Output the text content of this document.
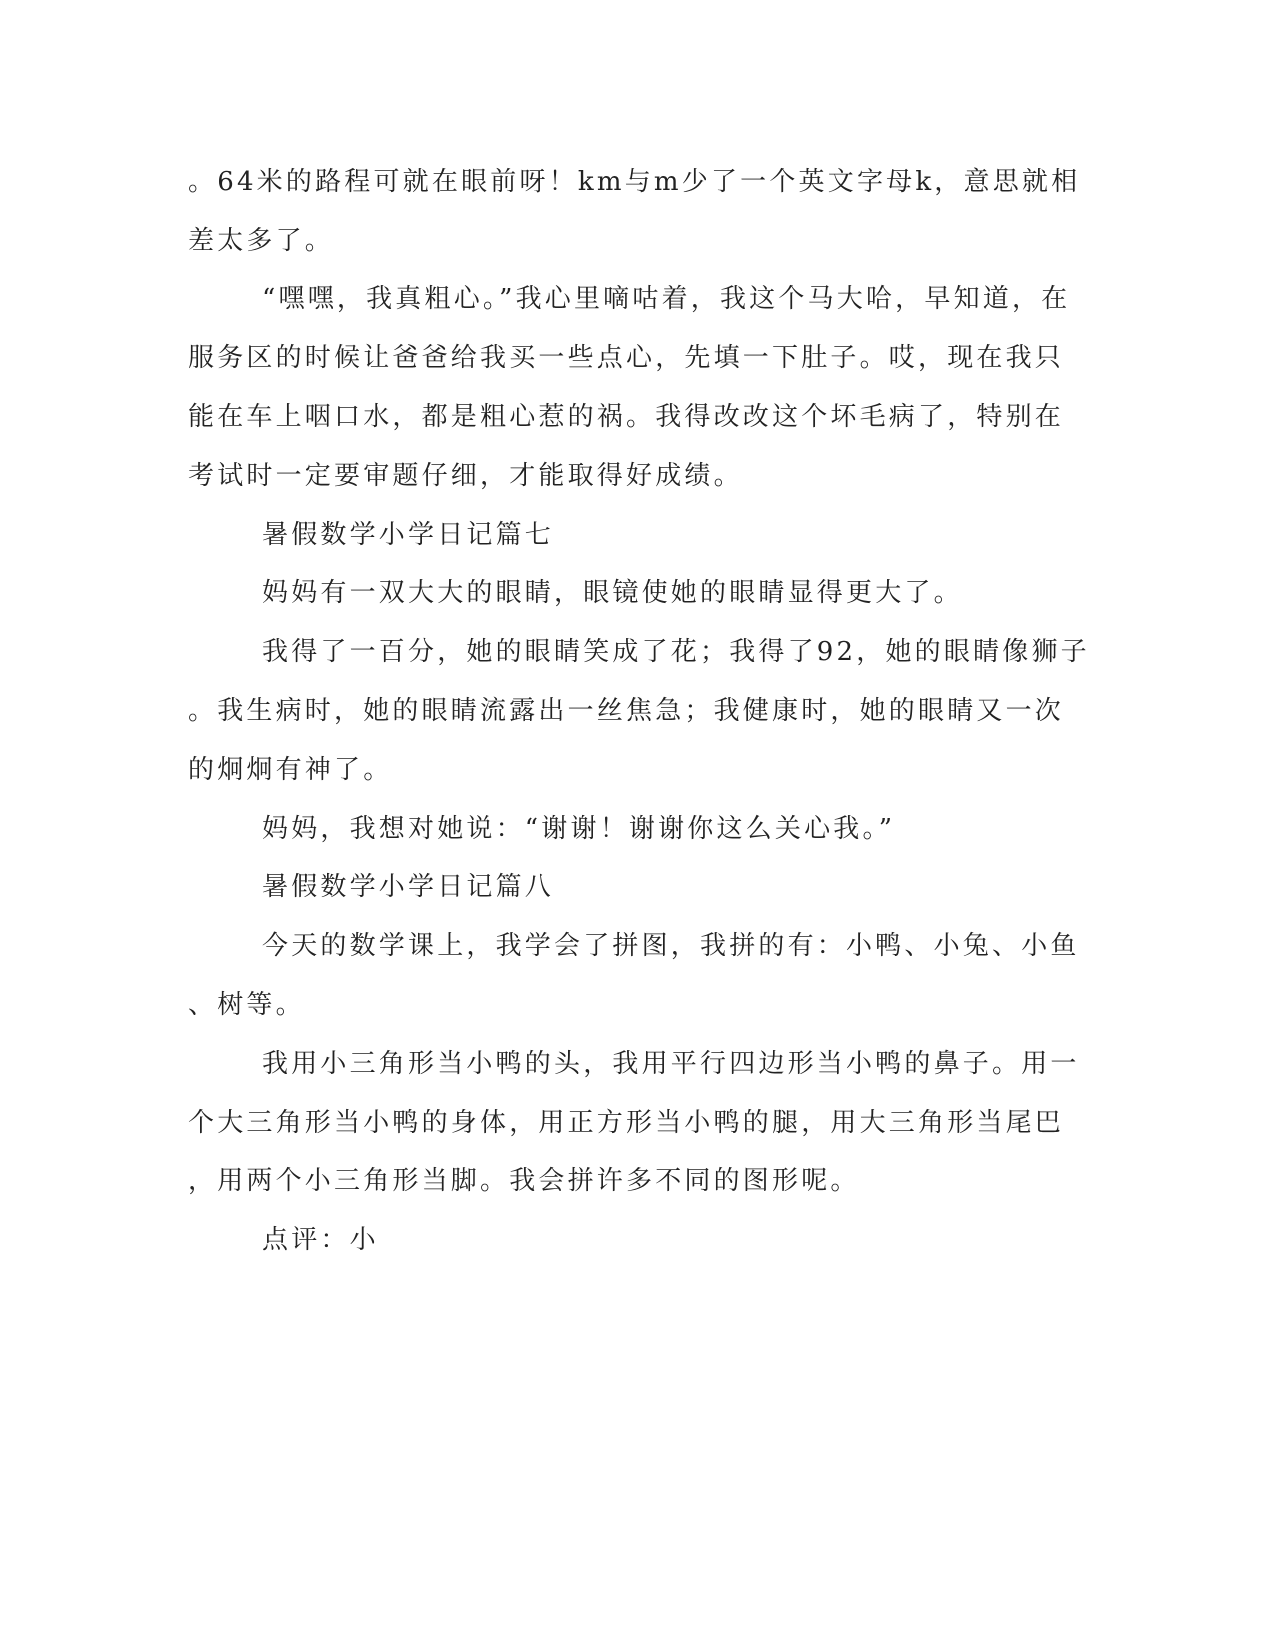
。64米的路程可就在眼前呀！km与m少了一个英文字母k，意思就相
差太多了。
“嘿嘿，我真粗心。”我心里嘀咕着，我这个马大哈，早知道，在
服务区的时候让爸爸给我买一些点心，先填一下肚子。哎，现在我只
能在车上咽口水，都是粗心惹的祸。我得改改这个坏毛病了，特别在
考试时一定要审题仔细，才能取得好成绩。
暑假数学小学日记篇七
妈妈有一双大大的眼睛，眼镜使她的眼睛显得更大了。
我得了一百分，她的眼睛笑成了花；我得了92，她的眼睛像狮子
。我生病时，她的眼睛流露出一丝焦急；我健康时，她的眼睛又一次
的炯炯有神了。
妈妈，我想对她说：“谢谢！谢谢你这么关心我。”
暑假数学小学日记篇八
今天的数学课上，我学会了拼图，我拼的有：小鸭、小兔、小鱼
、树等。
我用小三角形当小鸭的头，我用平行四边形当小鸭的鼻子。用一
个大三角形当小鸭的身体，用正方形当小鸭的腿，用大三角形当尾巴
，用两个小三角形当脚。我会拼许多不同的图形呢。
点评：小
